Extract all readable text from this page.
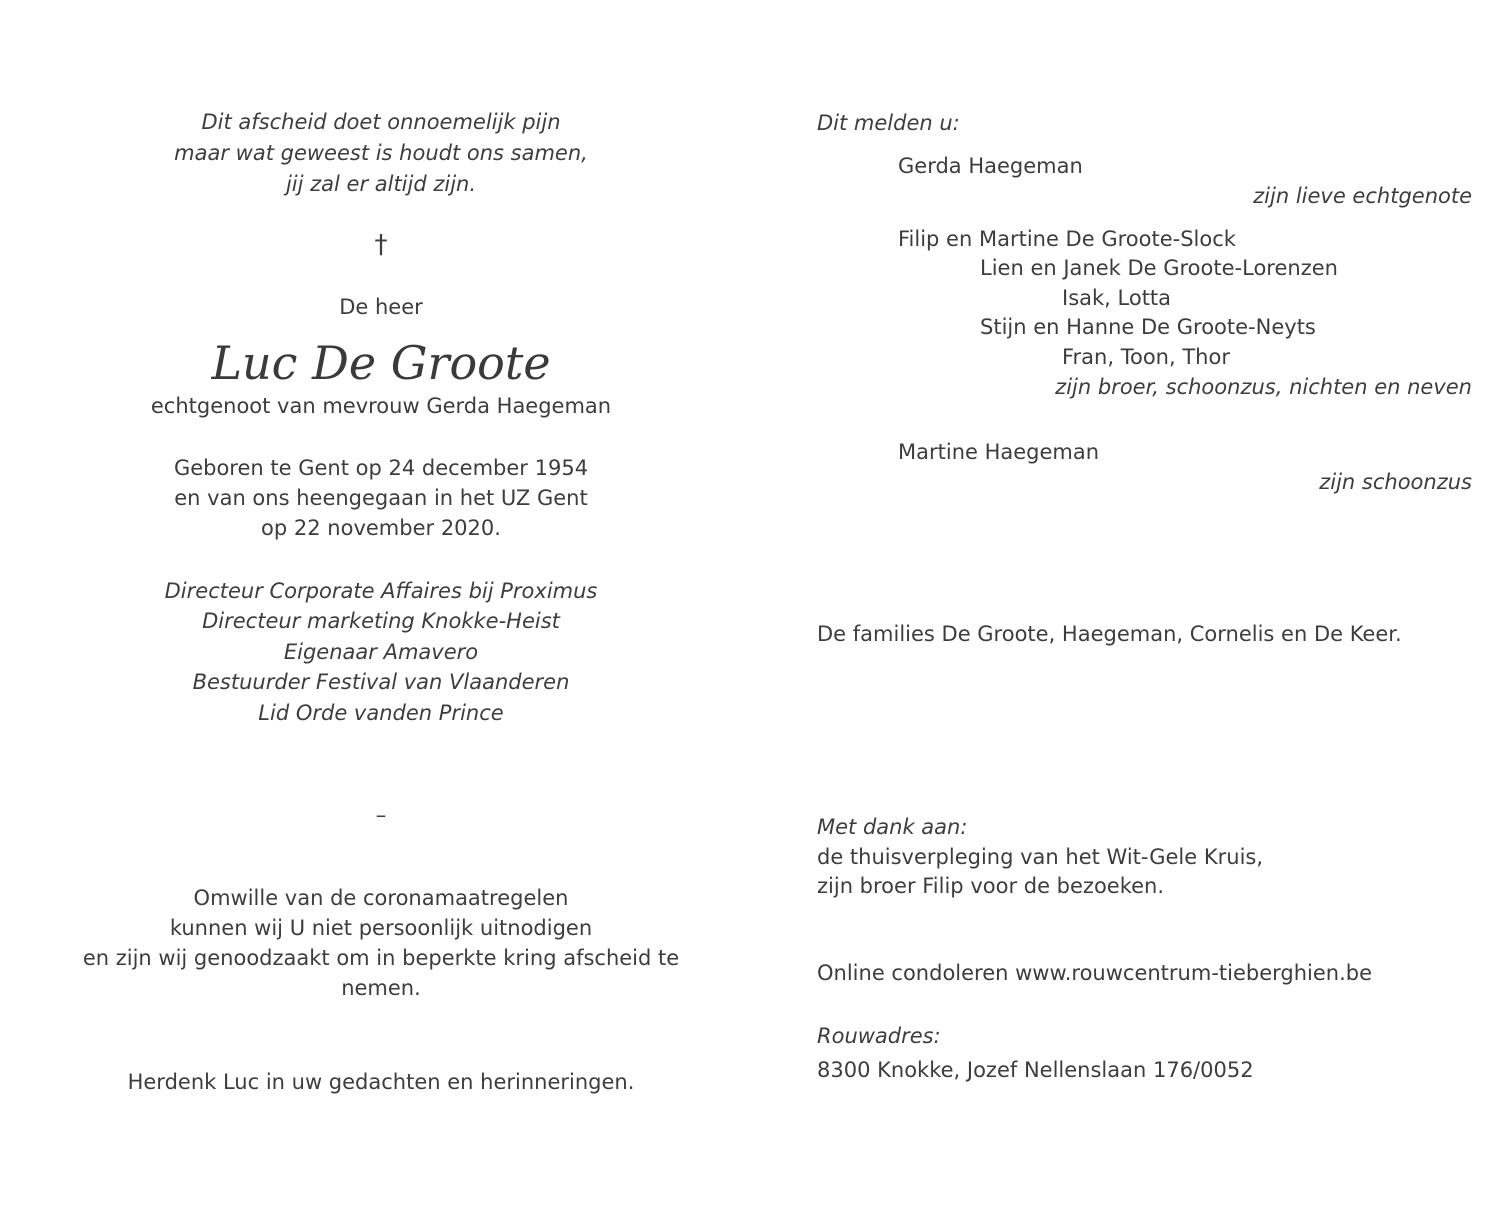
Dit afscheid doet onnoemelijk pijn
maar wat geweest is houdt ons samen,
jij zal er altijd zijn.
†
De heer
Luc De Groote
echtgenoot van mevrouw Gerda Haegeman
Geboren te Gent op 24 december 1954
en van ons heengegaan in het UZ Gent
op 22 november 2020.
Directeur Corporate Affaires bij Proximus
Directeur marketing Knokke-Heist
Eigenaar Amavero
Bestuurder Festival van Vlaanderen
Lid Orde vanden Prince
–
Omwille van de coronamaatregelen
kunnen wij U niet persoonlijk uitnodigen
en zijn wij genoodzaakt om in beperkte kring afscheid te nemen.
Herdenk Luc in uw gedachten en herinneringen.
Dit melden u:
Gerda Haegeman
zijn lieve echtgenote
Filip en Martine De Groote-Slock
Lien en Janek De Groote-Lorenzen
Isak, Lotta
Stijn en Hanne De Groote-Neyts
Fran, Toon, Thor
zijn broer, schoonzus, nichten en neven
Martine Haegeman
zijn schoonzus
De families De Groote, Haegeman, Cornelis en De Keer.
Met dank aan:
de thuisverpleging van het Wit-Gele Kruis,
zijn broer Filip voor de bezoeken.
Online condoleren www.rouwcentrum-tieberghien.be
Rouwadres:
8300 Knokke, Jozef Nellenslaan 176/0052
